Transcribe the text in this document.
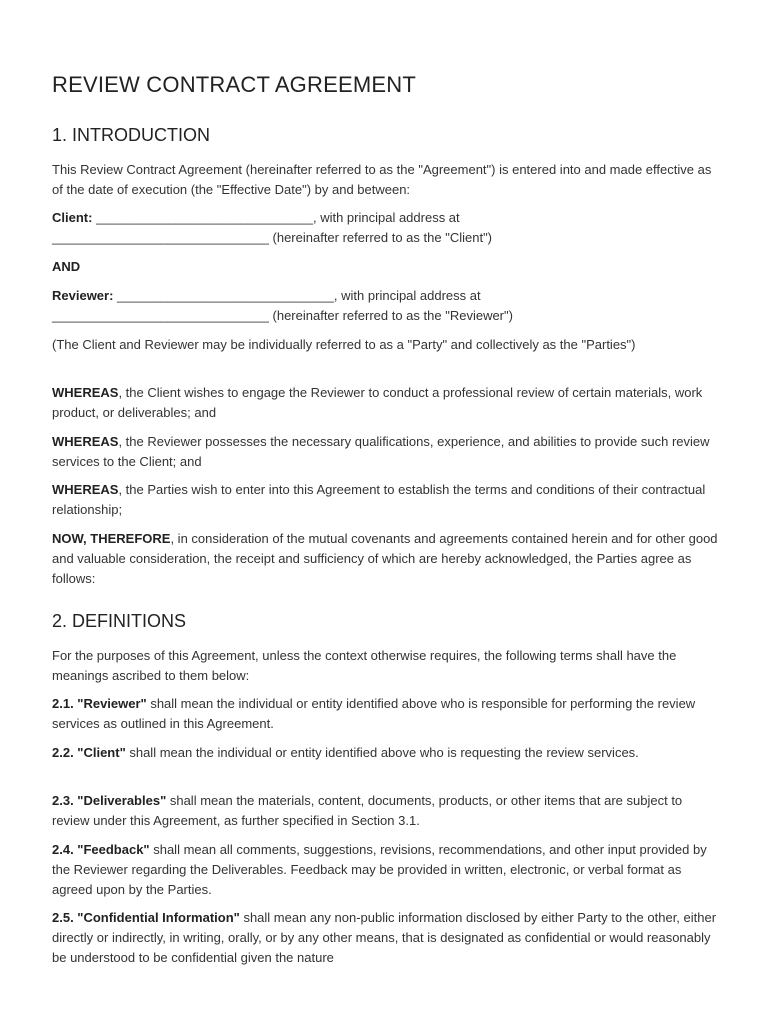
REVIEW CONTRACT AGREEMENT
1. INTRODUCTION

This Review Contract Agreement (hereinafter referred to as the "Agreement") is entered into and made effective as of the date of execution (the "Effective Date") by and between:

Client: ______________________________, with principal address at
______________________________ (hereinafter referred to as the "Client")

AND

Reviewer: ______________________________, with principal address at
______________________________ (hereinafter referred to as the "Reviewer")

(The Client and Reviewer may be individually referred to as a "Party" and collectively as the "Parties")

WHEREAS, the Client wishes to engage the Reviewer to conduct a professional review of certain materials, work product, or deliverables; and

WHEREAS, the Reviewer possesses the necessary qualifications, experience, and abilities to provide such review services to the Client; and

WHEREAS, the Parties wish to enter into this Agreement to establish the terms and conditions of their contractual relationship;

NOW, THEREFORE, in consideration of the mutual covenants and agreements contained herein and for other good and valuable consideration, the receipt and sufficiency of which are hereby acknowledged, the Parties agree as follows:

2. DEFINITIONS

For the purposes of this Agreement, unless the context otherwise requires, the following terms shall have the meanings ascribed to them below:

2.1. "Reviewer" shall mean the individual or entity identified above who is responsible for performing the review services as outlined in this Agreement.

2.2. "Client" shall mean the individual or entity identified above who is requesting the review services.

2.3. "Deliverables" shall mean the materials, content, documents, products, or other items that are subject to review under this Agreement, as further specified in Section 3.1.

2.4. "Feedback" shall mean all comments, suggestions, revisions, recommendations, and other input provided by the Reviewer regarding the Deliverables. Feedback may be provided in written, electronic, or verbal format as agreed upon by the Parties.

2.5. "Confidential Information" shall mean any non-public information disclosed by either Party to the other, either directly or indirectly, in writing, orally, or by any other means, that is designated as confidential or would reasonably be understood to be confidential given the nature
